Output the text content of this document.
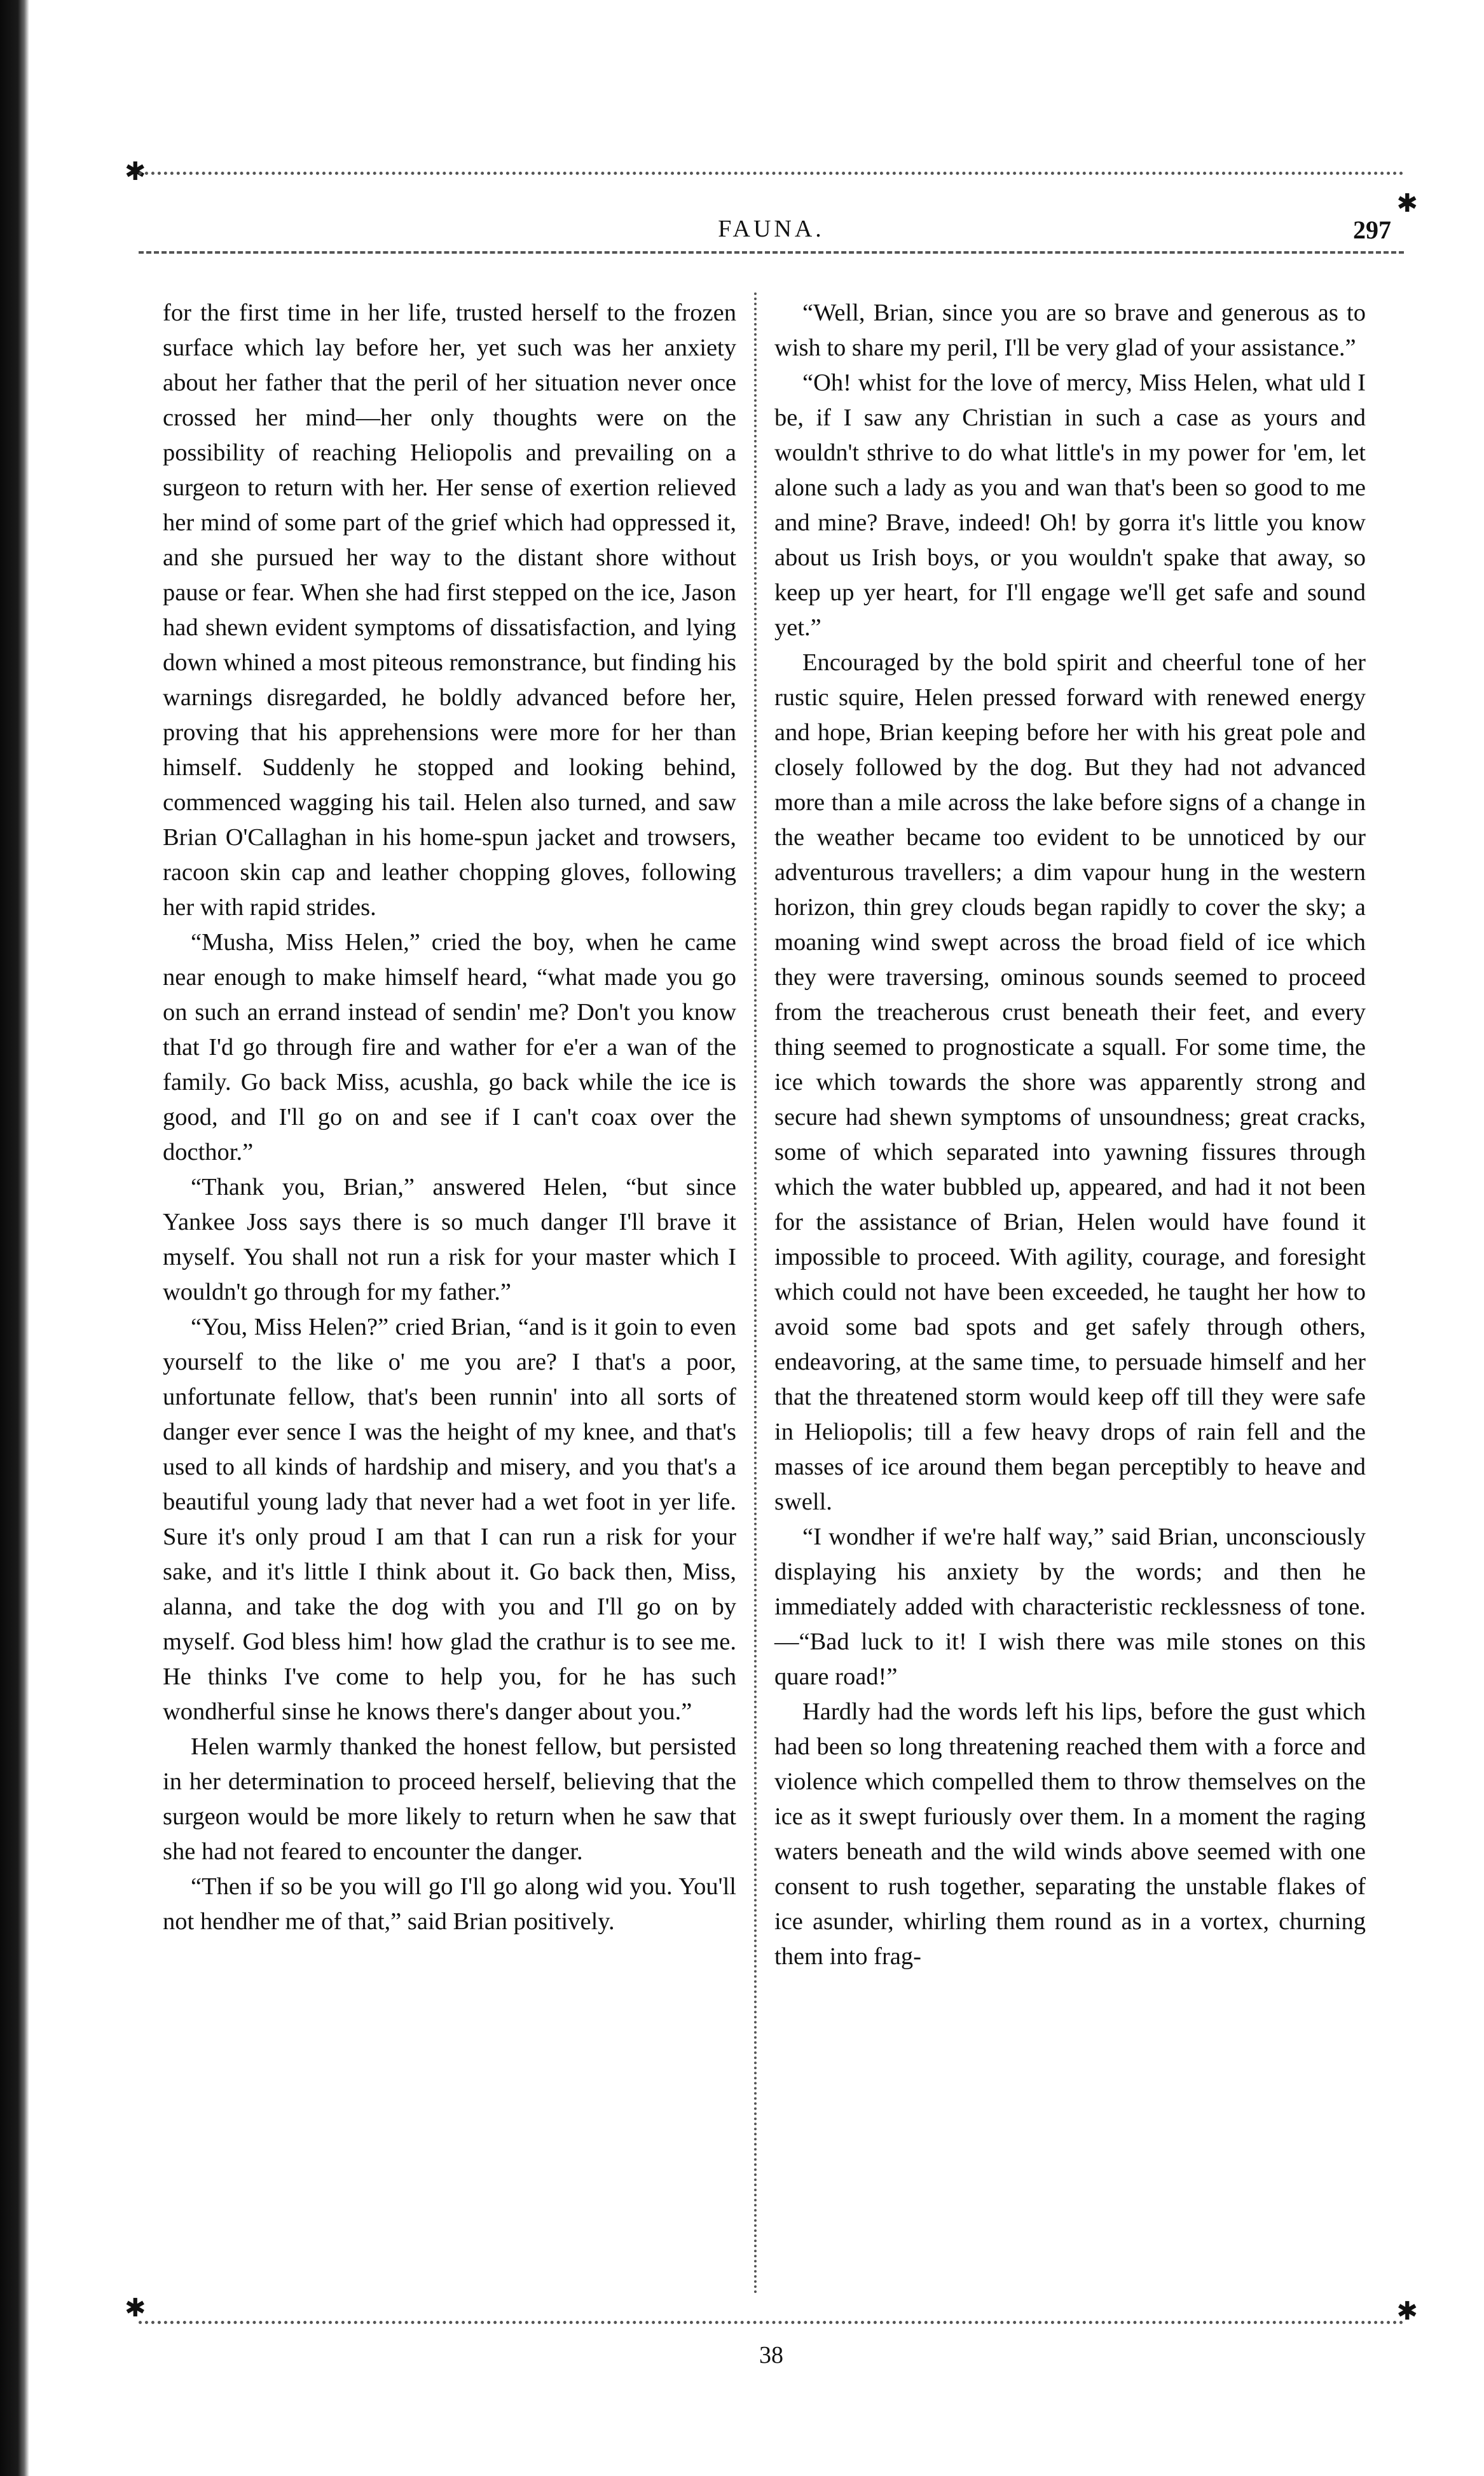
✱
✱
✱	✱
FAUNA.	297

for the first time in her life, trusted herself to the frozen surface which lay before her, yet such was her anxiety about her father that the peril of her situation never once crossed her mind—her only thoughts were on the possibility of reaching Heliopolis and prevailing on a surgeon to return with her. Her sense of exertion relieved her mind of some part of the grief which had oppressed it, and she pursued her way to the distant shore without pause or fear. When she had first stepped on the ice, Jason had shewn evident symptoms of dissatisfaction, and lying down whined a most piteous remonstrance, but finding his warnings disregarded, he boldly advanced before her, proving that his apprehensions were more for her than himself. Suddenly he stopped and looking behind, commenced wagging his tail. Helen also turned, and saw Brian O'Callaghan in his home-spun jacket and trowsers, racoon skin cap and leather chopping gloves, following her with rapid strides.

“Musha, Miss Helen,” cried the boy, when he came near enough to make himself heard, “what made you go on such an errand instead of sendin' me? Don't you know that I'd go through fire and wather for e'er a wan of the family. Go back Miss, acushla, go back while the ice is good, and I'll go on and see if I can't coax over the docthor.”

“Thank you, Brian,” answered Helen, “but since Yankee Joss says there is so much danger I'll brave it myself. You shall not run a risk for your master which I wouldn't go through for my father.”

“You, Miss Helen?” cried Brian, “and is it goin to even yourself to the like o' me you are? I that's a poor, unfortunate fellow, that's been runnin' into all sorts of danger ever sence I was the height of my knee, and that's used to all kinds of hardship and misery, and you that's a beautiful young lady that never had a wet foot in yer life. Sure it's only proud I am that I can run a risk for your sake, and it's little I think about it. Go back then, Miss, alanna, and take the dog with you and I'll go on by myself. God bless him! how glad the crathur is to see me. He thinks I've come to help you, for he has such wondherful sinse he knows there's danger about you.”

Helen warmly thanked the honest fellow, but persisted in her determination to proceed herself, believing that the surgeon would be more likely to return when he saw that she had not feared to encounter the danger.

“Then if so be you will go I'll go along wid you. You'll not hendher me of that,” said Brian positively.

“Well, Brian, since you are so brave and generous as to wish to share my peril, I'll be very glad of your assistance.”

“Oh! whist for the love of mercy, Miss Helen, what uld I be, if I saw any Christian in such a case as yours and wouldn't sthrive to do what little's in my power for 'em, let alone such a lady as you and wan that's been so good to me and mine? Brave, indeed! Oh! by gorra it's little you know about us Irish boys, or you wouldn't spake that away, so keep up yer heart, for I'll engage we'll get safe and sound yet.”

Encouraged by the bold spirit and cheerful tone of her rustic squire, Helen pressed forward with renewed energy and hope, Brian keeping before her with his great pole and closely followed by the dog. But they had not advanced more than a mile across the lake before signs of a change in the weather became too evident to be unnoticed by our adventurous travellers; a dim vapour hung in the western horizon, thin grey clouds began rapidly to cover the sky; a moaning wind swept across the broad field of ice which they were traversing, ominous sounds seemed to proceed from the treacherous crust beneath their feet, and every thing seemed to prognosticate a squall. For some time, the ice which towards the shore was apparently strong and secure had shewn symptoms of unsoundness; great cracks, some of which separated into yawning fissures through which the water bubbled up, appeared, and had it not been for the assistance of Brian, Helen would have found it impossible to proceed. With agility, courage, and foresight which could not have been exceeded, he taught her how to avoid some bad spots and get safely through others, endeavoring, at the same time, to persuade himself and her that the threatened storm would keep off till they were safe in Heliopolis; till a few heavy drops of rain fell and the masses of ice around them began perceptibly to heave and swell.

“I wondher if we're half way,” said Brian, unconsciously displaying his anxiety by the words; and then he immediately added with characteristic recklessness of tone.—“Bad luck to it! I wish there was mile stones on this quare road!”

Hardly had the words left his lips, before the gust which had been so long threatening reached them with a force and violence which compelled them to throw themselves on the ice as it swept furiously over them. In a moment the raging waters beneath and the wild winds above seemed with one consent to rush together, separating the unstable flakes of ice asunder, whirling them round as in a vortex, churning them into frag-

38
